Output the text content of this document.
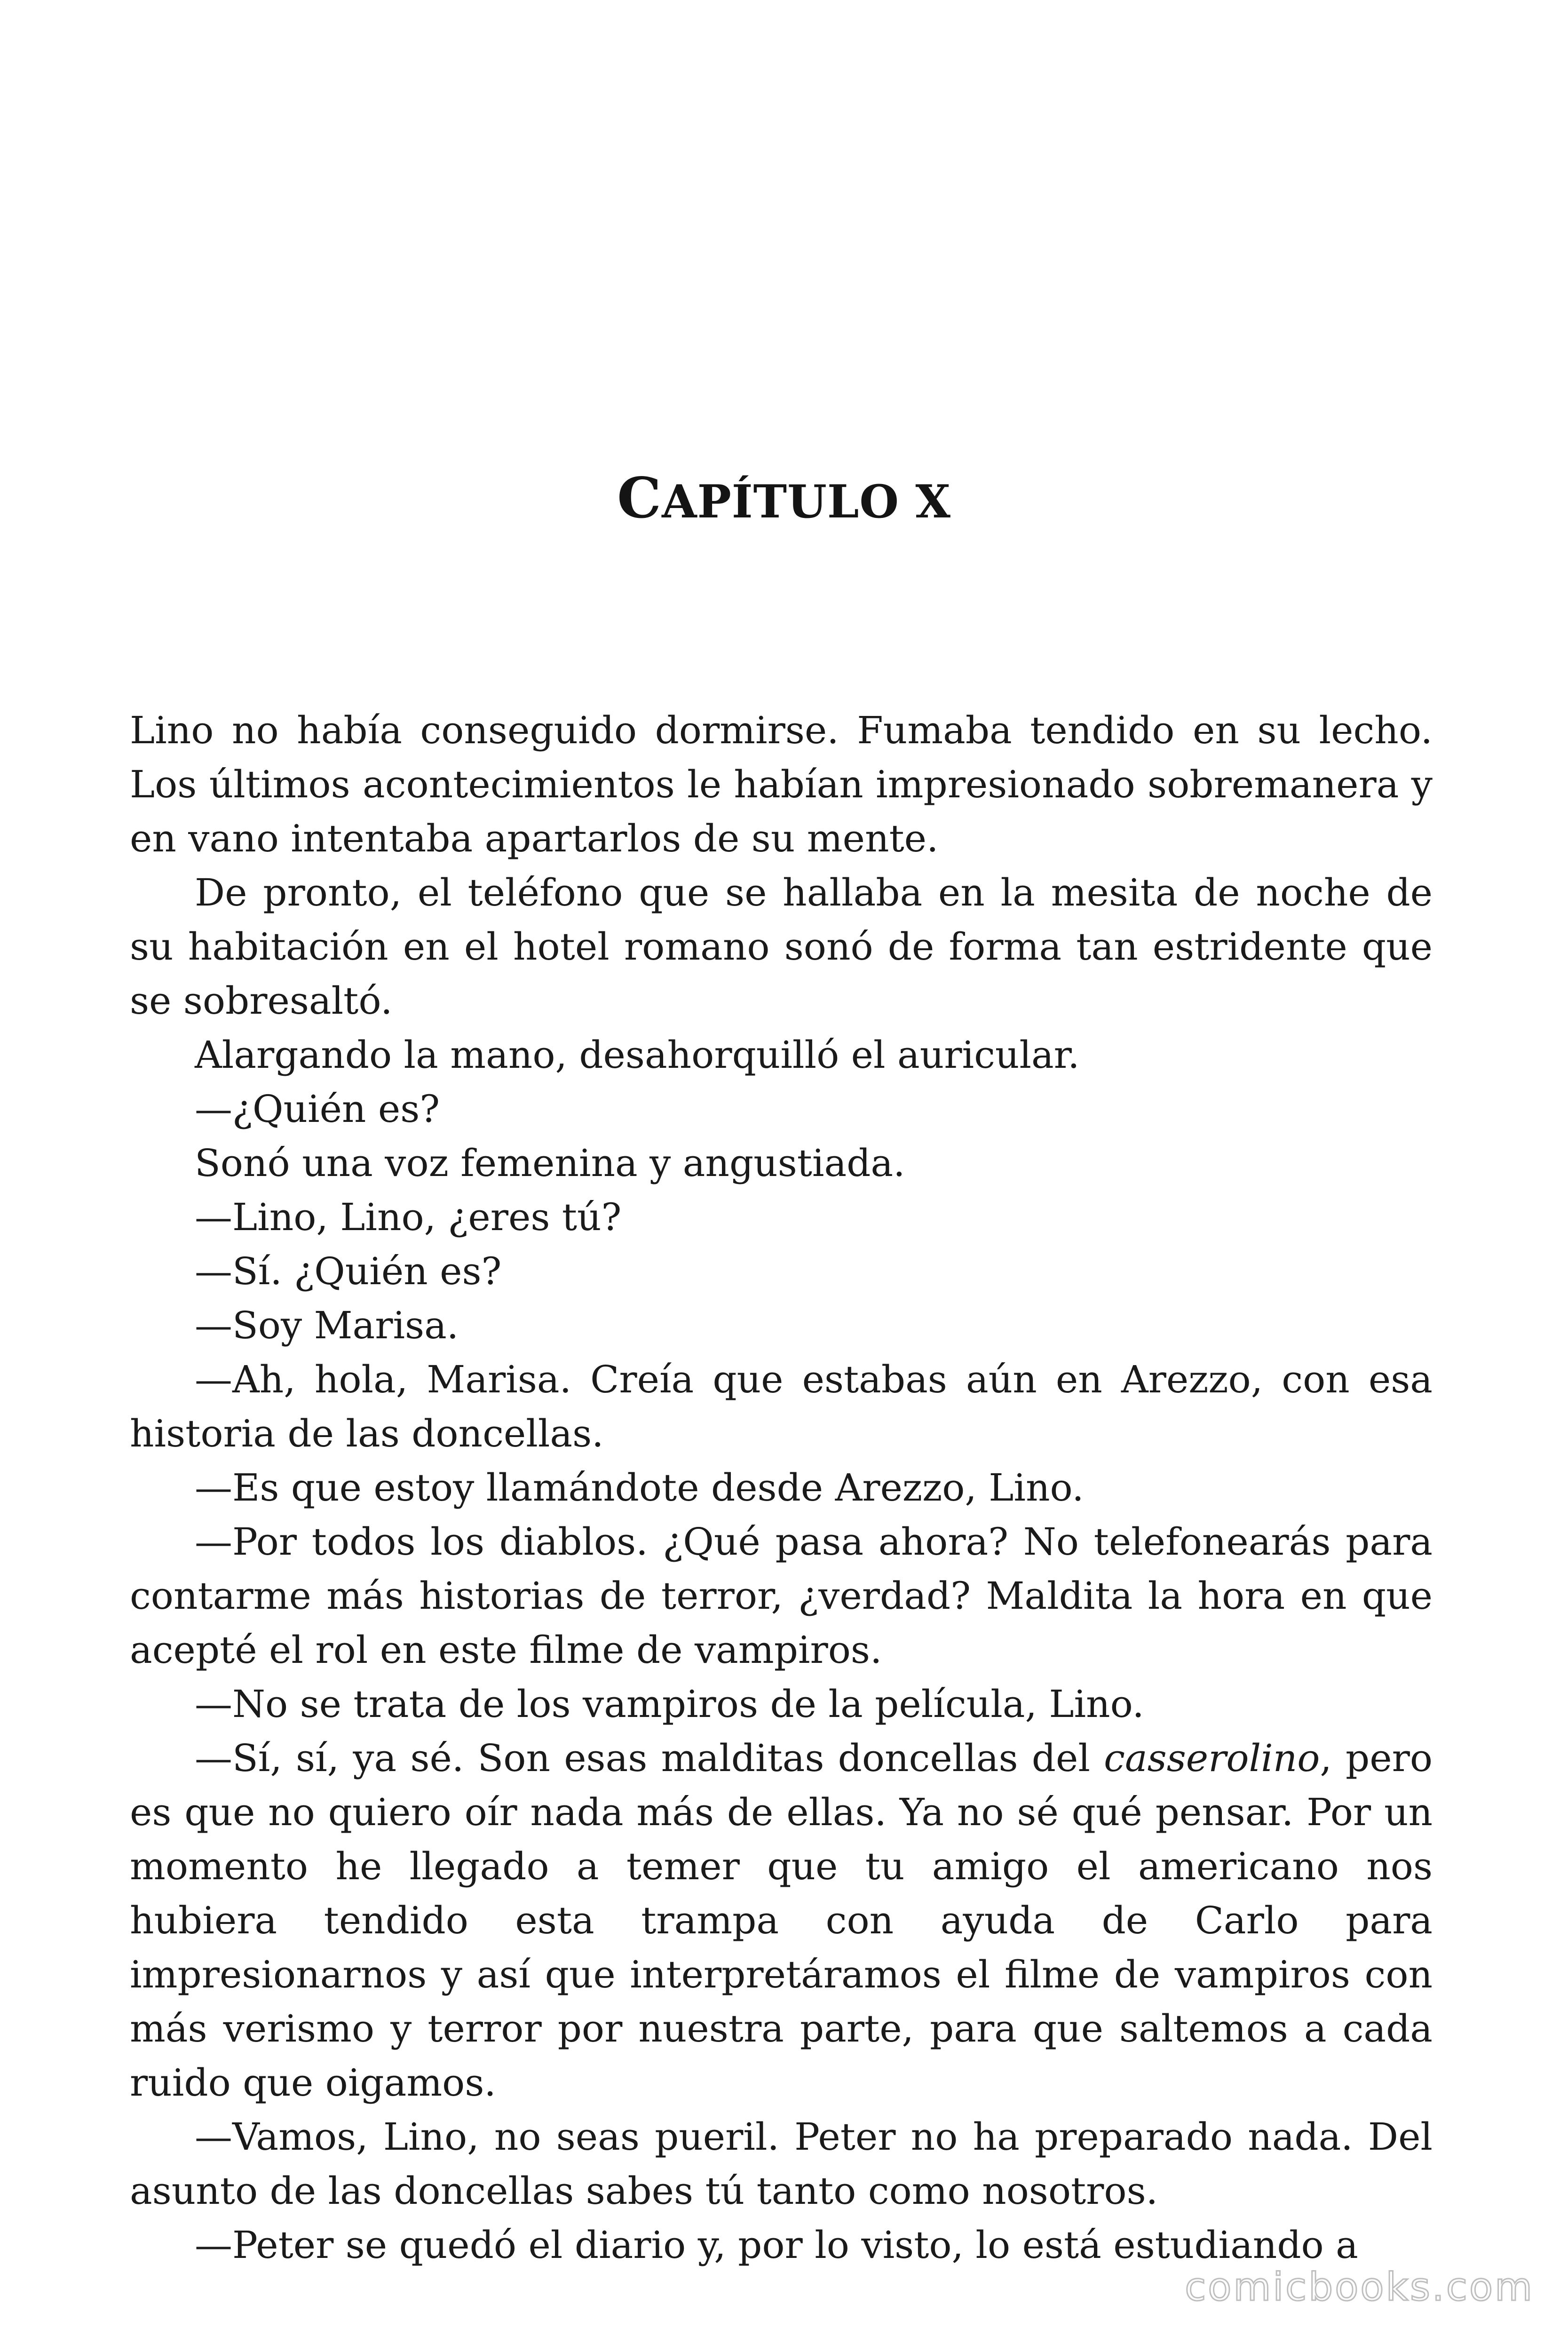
CAPÍTULO X

Lino no había conseguido dormirse. Fumaba tendido en su lecho. Los últimos acontecimientos le habían impresionado sobremanera y en vano intentaba apartarlos de su mente.

De pronto, el teléfono que se hallaba en la mesita de noche de su habitación en el hotel romano sonó de forma tan estridente que se sobresaltó.

Alargando la mano, desahorquilló el auricular.

—¿Quién es?

Sonó una voz femenina y angustiada.

—Lino, Lino, ¿eres tú?

—Sí. ¿Quién es?

—Soy Marisa.

—Ah, hola, Marisa. Creía que estabas aún en Arezzo, con esa historia de las doncellas.

—Es que estoy llamándote desde Arezzo, Lino.

—Por todos los diablos. ¿Qué pasa ahora? No telefonearás para contarme más historias de terror, ¿verdad? Maldita la hora en que acepté el rol en este filme de vampiros.

—No se trata de los vampiros de la película, Lino.

—Sí, sí, ya sé. Son esas malditas doncellas del casserolino, pero es que no quiero oír nada más de ellas. Ya no sé qué pensar. Por un momento he llegado a temer que tu amigo el americano nos hubiera tendido esta trampa con ayuda de Carlo para impresionarnos y así que interpretáramos el filme de vampiros con más verismo y terror por nuestra parte, para que saltemos a cada ruido que oigamos.

—Vamos, Lino, no seas pueril. Peter no ha preparado nada. Del asunto de las doncellas sabes tú tanto como nosotros.

—Peter se quedó el diario y, por lo visto, lo está estudiando a

comicbooks.com
